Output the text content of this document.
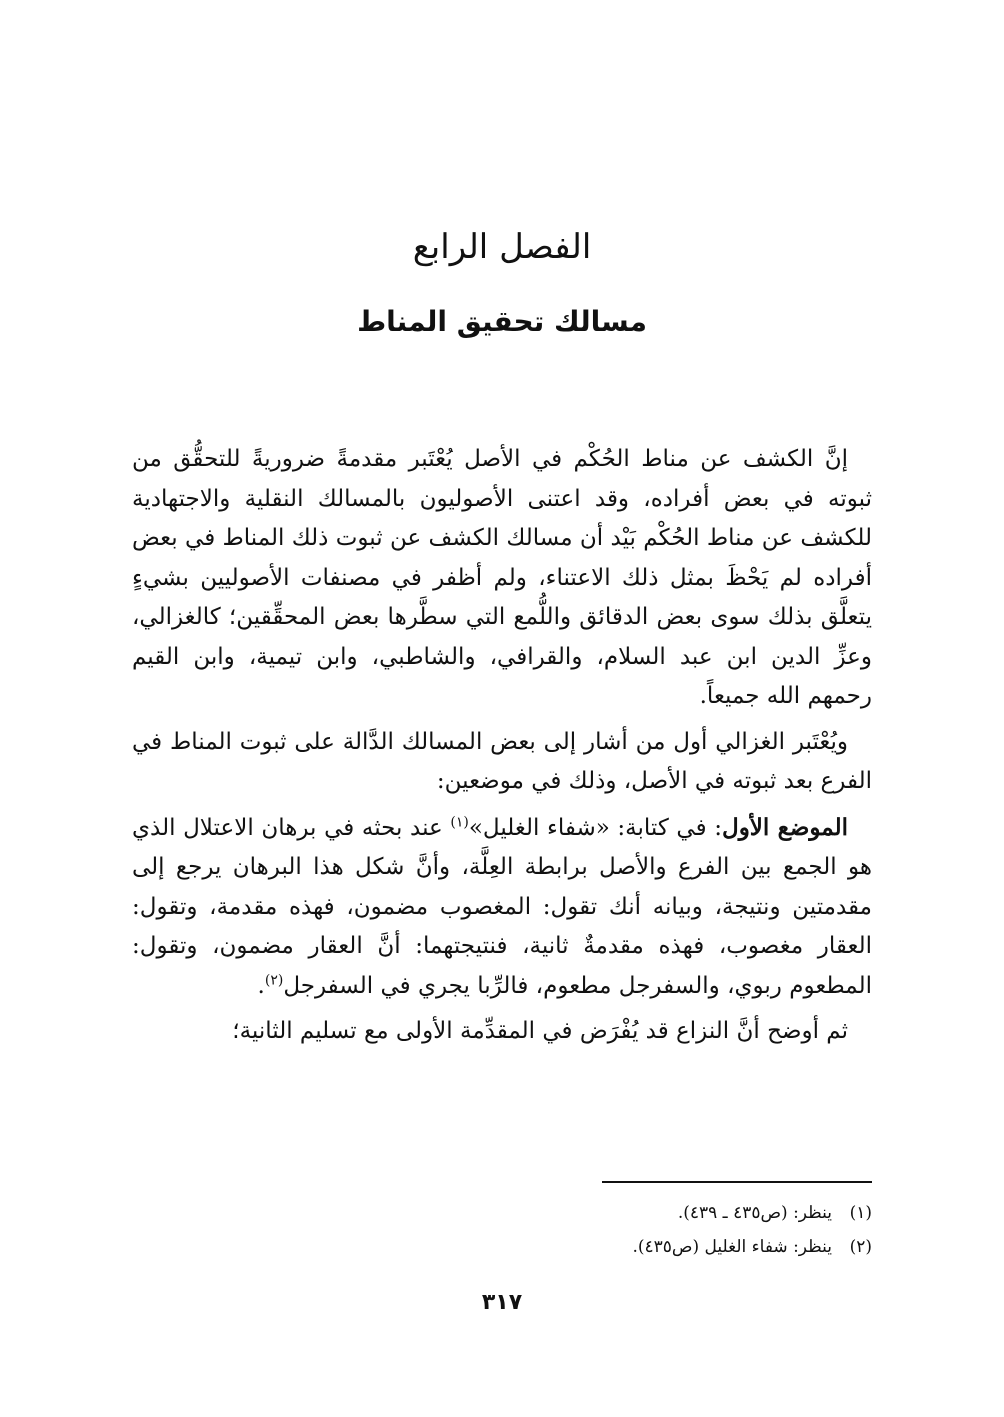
الفصل الرابع
مسالك تحقيق المناط

إنَّ الكشف عن مناط الحُكْم في الأصل يُعْتَبر مقدمةً ضروريةً للتحقُّق من ثبوته في بعض أفراده، وقد اعتنى الأصوليون بالمسالك النقلية والاجتهادية للكشف عن مناط الحُكْم بَيْد أن مسالك الكشف عن ثبوت ذلك المناط في بعض أفراده لم يَحْظَ بمثل ذلك الاعتناء، ولم أظفر في مصنفات الأصوليين بشيءٍ يتعلَّق بذلك سوى بعض الدقائق واللُّمع التي سطَّرها بعض المحقِّقين؛ كالغزالي، وعزِّ الدين ابن عبد السلام، والقرافي، والشاطبي، وابن تيمية، وابن القيم رحمهم الله جميعاً.

ويُعْتَبر الغزالي أول من أشار إلى بعض المسالك الدَّالة على ثبوت المناط في الفرع بعد ثبوته في الأصل، وذلك في موضعين:

الموضع الأول: في كتابة: «شفاء الغليل»$^{(١)}$ عند بحثه في برهان الاعتلال الذي هو الجمع بين الفرع والأصل برابطة العِلَّة، وأنَّ شكل هذا البرهان يرجع إلى مقدمتين ونتيجة، وبيانه أنك تقول: المغصوب مضمون، فهذه مقدمة، وتقول: العقار مغصوب، فهذه مقدمةٌ ثانية، فنتيجتهما: أنَّ العقار مضمون، وتقول: المطعوم ربوي، والسفرجل مطعوم، فالرِّبا يجري في السفرجل$^{(٢)}$.

ثم أوضح أنَّ النزاع قد يُفْرَض في المقدِّمة الأولى مع تسليم الثانية؛

(١)
ينظر: (ص٤٣٥ ـ ٤٣٩).
(٢)
ينظر: شفاء الغليل (ص٤٣٥).
٣١٧
